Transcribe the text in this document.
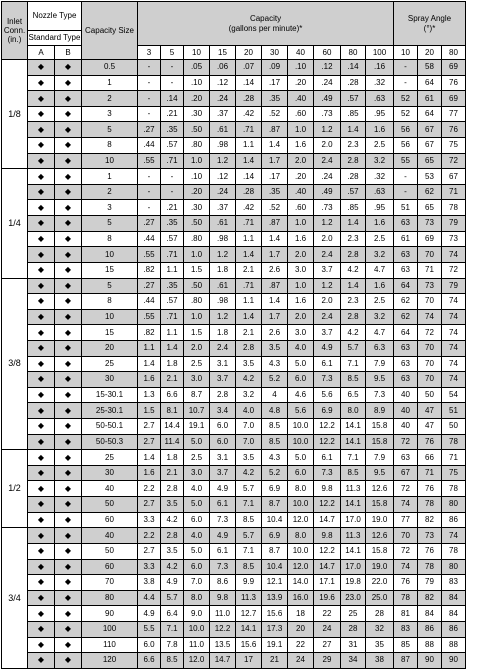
Inlet Conn. (in.)	Nozzle Type		Capacity Size	Capacity
(gallons per minute)*										Spray Angle
(°)*		
	Standard Type															
	A	B		3	5	10	15	20	30	40	60	80	100	10	20	80
1/8	◆	◆	0.5	-	-	.05	.06	.07	.09	.10	.12	.14	.16	-	58	69
	◆	◆	1	-	-	.10	.12	.14	.17	.20	.24	.28	.32	-	64	76
	◆	◆	2	-	.14	.20	.24	.28	.35	.40	.49	.57	.63	52	61	69
	◆	◆	3	-	.21	.30	.37	.42	.52	.60	.73	.85	.95	52	64	77
	◆	◆	5	.27	.35	.50	.61	.71	.87	1.0	1.2	1.4	1.6	56	67	76
	◆	◆	8	.44	.57	.80	.98	1.1	1.4	1.6	2.0	2.3	2.5	56	67	75
	◆	◆	10	.55	.71	1.0	1.2	1.4	1.7	2.0	2.4	2.8	3.2	55	65	72
1/4	◆	◆	1	-	-	.10	.12	.14	.17	.20	.24	.28	.32	-	53	67
	◆	◆	2	-	-	.20	.24	.28	.35	.40	.49	.57	.63	-	62	71
	◆	◆	3	-	.21	.30	.37	.42	.52	.60	.73	.85	.95	51	65	78
	◆	◆	5	.27	.35	.50	.61	.71	.87	1.0	1.2	1.4	1.6	63	73	79
	◆	◆	8	.44	.57	.80	.98	1.1	1.4	1.6	2.0	2.3	2.5	61	69	73
	◆	◆	10	.55	.71	1.0	1.2	1.4	1.7	2.0	2.4	2.8	3.2	63	70	74
	◆	◆	15	.82	1.1	1.5	1.8	2.1	2.6	3.0	3.7	4.2	4.7	63	71	72
3/8	◆	◆	5	.27	.35	.50	.61	.71	.87	1.0	1.2	1.4	1.6	64	73	79
	◆	◆	8	.44	.57	.80	.98	1.1	1.4	1.6	2.0	2.3	2.5	62	70	74
	◆	◆	10	.55	.71	1.0	1.2	1.4	1.7	2.0	2.4	2.8	3.2	62	74	74
	◆	◆	15	.82	1.1	1.5	1.8	2.1	2.6	3.0	3.7	4.2	4.7	64	72	74
	◆	◆	20	1.1	1.4	2.0	2.4	2.8	3.5	4.0	4.9	5.7	6.3	63	70	74
	◆	◆	25	1.4	1.8	2.5	3.1	3.5	4.3	5.0	6.1	7.1	7.9	63	70	74
	◆	◆	30	1.6	2.1	3.0	3.7	4.2	5.2	6.0	7.3	8.5	9.5	63	70	74
	◆	◆	15-30.1	1.3	6.6	8.7	2.8	3.2	4	4.6	5.6	6.5	7.3	40	50	54
	◆	◆	25-30.1	1.5	8.1	10.7	3.4	4.0	4.8	5.6	6.9	8.0	8.9	40	47	51
	◆	◆	50-50.1	2.7	14.4	19.1	6.0	7.0	8.5	10.0	12.2	14.1	15.8	40	47	50
	◆	◆	50-50.3	2.7	11.4	5.0	6.0	7.0	8.5	10.0	12.2	14.1	15.8	72	76	78
1/2	◆	◆	25	1.4	1.8	2.5	3.1	3.5	4.3	5.0	6.1	7.1	7.9	63	66	71
	◆	◆	30	1.6	2.1	3.0	3.7	4.2	5.2	6.0	7.3	8.5	9.5	67	71	75
	◆	◆	40	2.2	2.8	4.0	4.9	5.7	6.9	8.0	9.8	11.3	12.6	72	76	78
	◆	◆	50	2.7	3.5	5.0	6.1	7.1	8.7	10.0	12.2	14.1	15.8	74	78	80
	◆	◆	60	3.3	4.2	6.0	7.3	8.5	10.4	12.0	14.7	17.0	19.0	77	82	86
3/4	◆	◆	40	2.2	2.8	4.0	4.9	5.7	6.9	8.0	9.8	11.3	12.6	70	73	74
	◆	◆	50	2.7	3.5	5.0	6.1	7.1	8.7	10.0	12.2	14.1	15.8	72	76	78
	◆	◆	60	3.3	4.2	6.0	7.3	8.5	10.4	12.0	14.7	17.0	19.0	74	78	80
	◆	◆	70	3.8	4.9	7.0	8.6	9.9	12.1	14.0	17.1	19.8	22.0	76	79	83
	◆	◆	80	4.4	5.7	8.0	9.8	11.3	13.9	16.0	19.6	23.0	25.0	78	82	84
	◆	◆	90	4.9	6.4	9.0	11.0	12.7	15.6	18	22	25	28	81	84	84
	◆	◆	100	5.5	7.1	10.0	12.2	14.1	17.3	20	24	28	32	83	86	86
	◆	◆	110	6.0	7.8	11.0	13.5	15.6	19.1	22	27	31	35	85	88	88
	◆	◆	120	6.6	8.5	12.0	14.7	17	21	24	29	34	38	87	90	90
